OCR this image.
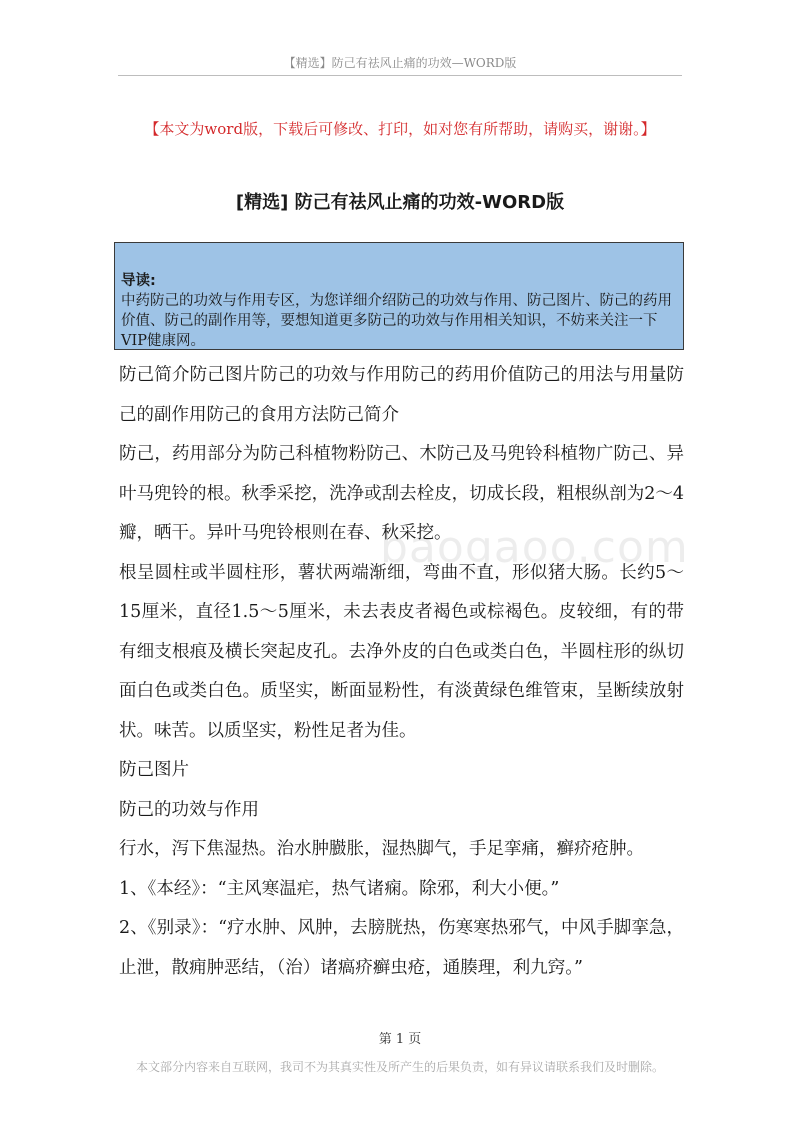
【精选】防己有祛风止痛的功效—WORD版
【本文为word版，下载后可修改、打印，如对您有所帮助，请购买，谢谢。】
[精选] 防己有祛风止痛的功效-WORD版
导读:
中药防己的功效与作用专区，为您详细介绍防己的功效与作用、防己图片、防己的药用价值、防己的副作用等，要想知道更多防己的功效与作用相关知识，不妨来关注一下VIP健康网。
baogaoo.com

防己简介防己图片防己的功效与作用防己的药用价值防己的用法与用量防己的副作用防己的食用方法防己简介

防己，药用部分为防己科植物粉防己、木防己及马兜铃科植物广防己、异叶马兜铃的根。秋季采挖，洗净或刮去栓皮，切成长段，粗根纵剖为2～4瓣，晒干。异叶马兜铃根则在春、秋采挖。

根呈圆柱或半圆柱形，薯状两端渐细，弯曲不直，形似猪大肠。长约5～15厘米，直径1.5～5厘米，未去表皮者褐色或棕褐色。皮较细，有的带有细支根痕及横长突起皮孔。去净外皮的白色或类白色，半圆柱形的纵切面白色或类白色。质坚实，断面显粉性，有淡黄绿色维管束，呈断续放射状。味苦。以质坚实，粉性足者为佳。

防己图片

防己的功效与作用

行水，泻下焦湿热。治水肿臌胀，湿热脚气，手足挛痛，癣疥疮肿。

1、《本经》：“主风寒温疟，热气诸痫。除邪，利大小便。”

2、《别录》：“疗水肿、风肿，去膀胱热，伤寒寒热邪气，中风手脚挛急，止泄，散痈肿恶结，（治）诸瘑疥癣虫疮，通腠理，利九窍。”

第 1 页
本文部分内容来自互联网，我司不为其真实性及所产生的后果负责，如有异议请联系我们及时删除。
